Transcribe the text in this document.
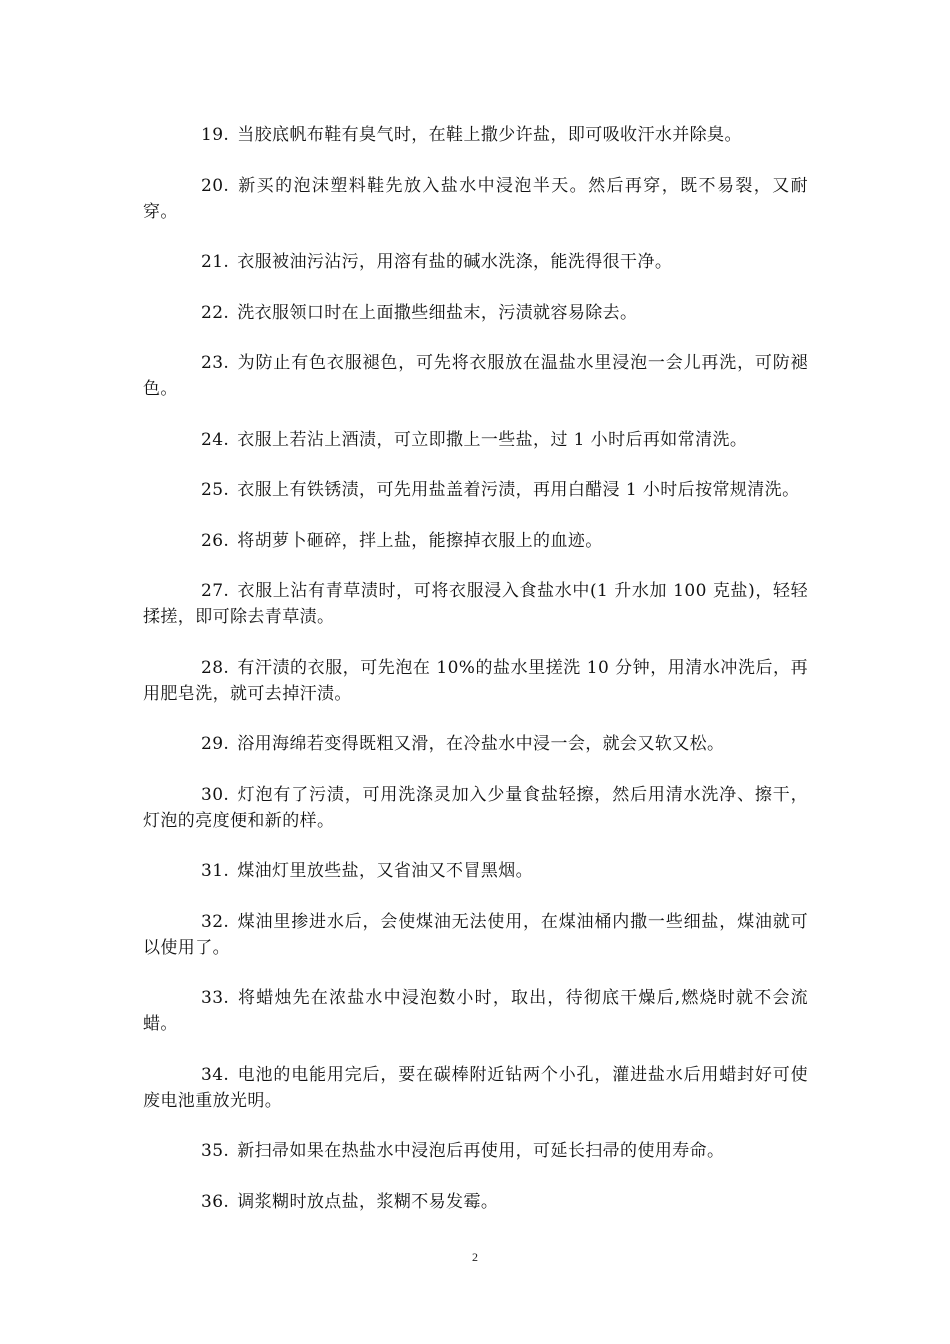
19. 当胶底帆布鞋有臭气时，在鞋上撒少许盐，即可吸收汗水并除臭。

20. 新买的泡沫塑料鞋先放入盐水中浸泡半天。然后再穿，既不易裂，又耐穿。

21. 衣服被油污沾污，用溶有盐的碱水洗涤，能洗得很干净。

22. 洗衣服领口时在上面撒些细盐末，污渍就容易除去。

23. 为防止有色衣服褪色，可先将衣服放在温盐水里浸泡一会儿再洗，可防褪色。

24. 衣服上若沾上酒渍，可立即撒上一些盐，过 1 小时后再如常清洗。

25. 衣服上有铁锈渍，可先用盐盖着污渍，再用白醋浸 1 小时后按常规清洗。

26. 将胡萝卜砸碎，拌上盐，能擦掉衣服上的血迹。

27. 衣服上沾有青草渍时，可将衣服浸入食盐水中(1 升水加 100 克盐)，轻轻揉搓，即可除去青草渍。

28. 有汗渍的衣服，可先泡在 10%的盐水里搓洗 10 分钟，用清水冲洗后，再用肥皂洗，就可去掉汗渍。

29. 浴用海绵若变得既粗又滑，在冷盐水中浸一会，就会又软又松。

30. 灯泡有了污渍，可用洗涤灵加入少量食盐轻擦，然后用清水洗净、擦干，灯泡的亮度便和新的样。

31. 煤油灯里放些盐，又省油又不冒黑烟。

32. 煤油里掺进水后，会使煤油无法使用，在煤油桶内撒一些细盐，煤油就可以使用了。

33. 将蜡烛先在浓盐水中浸泡数小时，取出，待彻底干燥后,燃烧时就不会流蜡。

34. 电池的电能用完后，要在碳棒附近钻两个小孔，灌进盐水后用蜡封好可使废电池重放光明。

35. 新扫帚如果在热盐水中浸泡后再使用，可延长扫帚的使用寿命。

36. 调浆糊时放点盐，浆糊不易发霉。

2
